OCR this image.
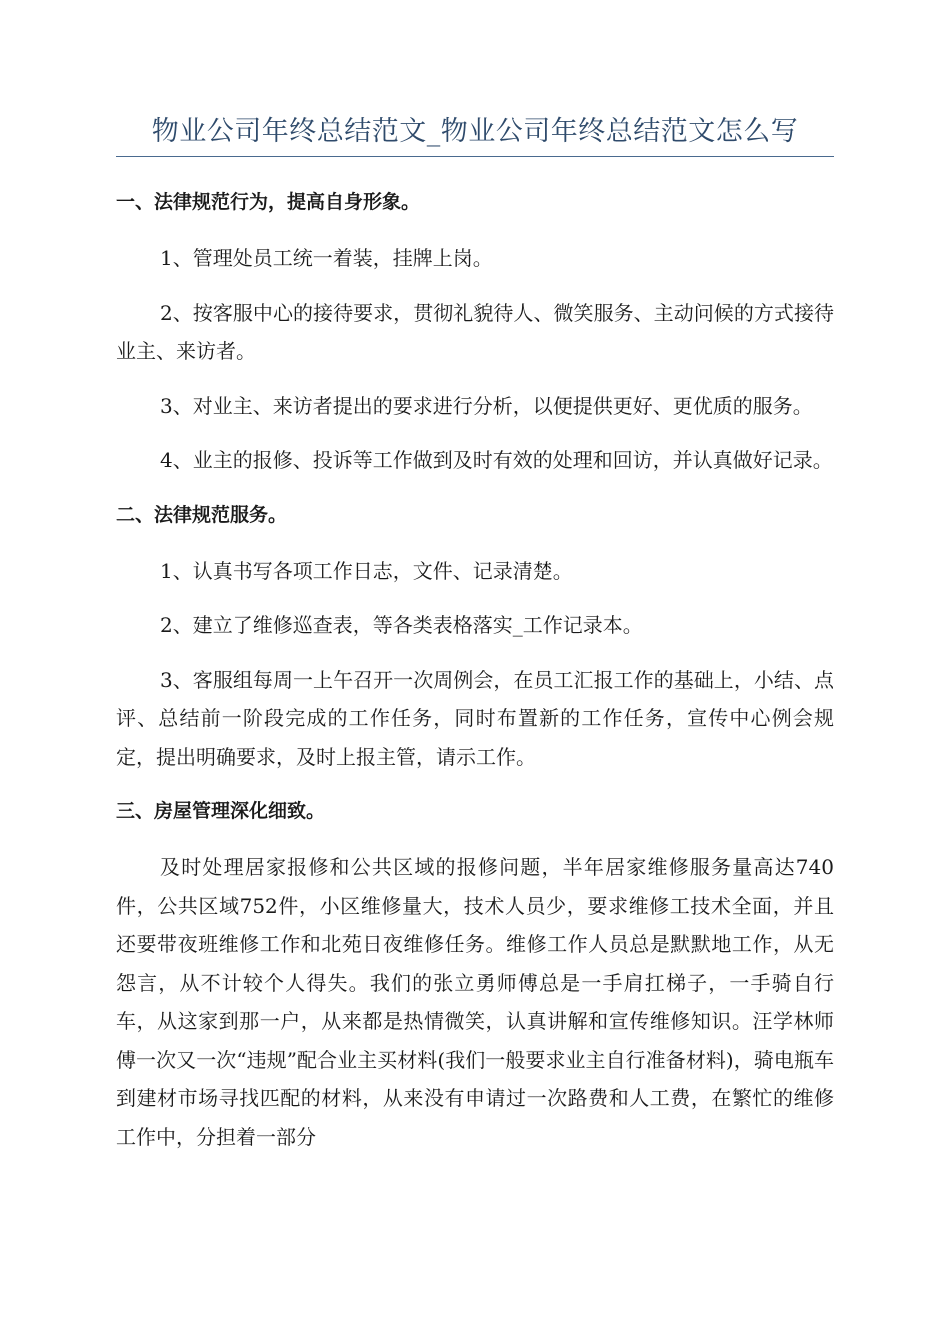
物业公司年终总结范文_物业公司年终总结范文怎么写
一、法律规范行为，提高自身形象。
1、管理处员工统一着装，挂牌上岗。
2、按客服中心的接待要求，贯彻礼貌待人、微笑服务、主动问候的方式接待业主、来访者。
3、对业主、来访者提出的要求进行分析，以便提供更好、更优质的服务。
4、业主的报修、投诉等工作做到及时有效的处理和回访，并认真做好记录。
二、法律规范服务。
1、认真书写各项工作日志，文件、记录清楚。
2、建立了维修巡查表，等各类表格落实_工作记录本。
3、客服组每周一上午召开一次周例会，在员工汇报工作的基础上，小结、点评、总结前一阶段完成的工作任务，同时布置新的工作任务，宣传中心例会规定，提出明确要求，及时上报主管，请示工作。
三、房屋管理深化细致。
及时处理居家报修和公共区域的报修问题，半年居家维修服务量高达740件，公共区域752件，小区维修量大，技术人员少，要求维修工技术全面，并且还要带夜班维修工作和北苑日夜维修任务。维修工作人员总是默默地工作，从无怨言，从不计较个人得失。我们的张立勇师傅总是一手肩扛梯子，一手骑自行车，从这家到那一户，从来都是热情微笑，认真讲解和宣传维修知识。汪学林师傅一次又一次“违规”配合业主买材料(我们一般要求业主自行准备材料)，骑电瓶车到建材市场寻找匹配的材料，从来没有申请过一次路费和人工费，在繁忙的维修工作中，分担着一部分
